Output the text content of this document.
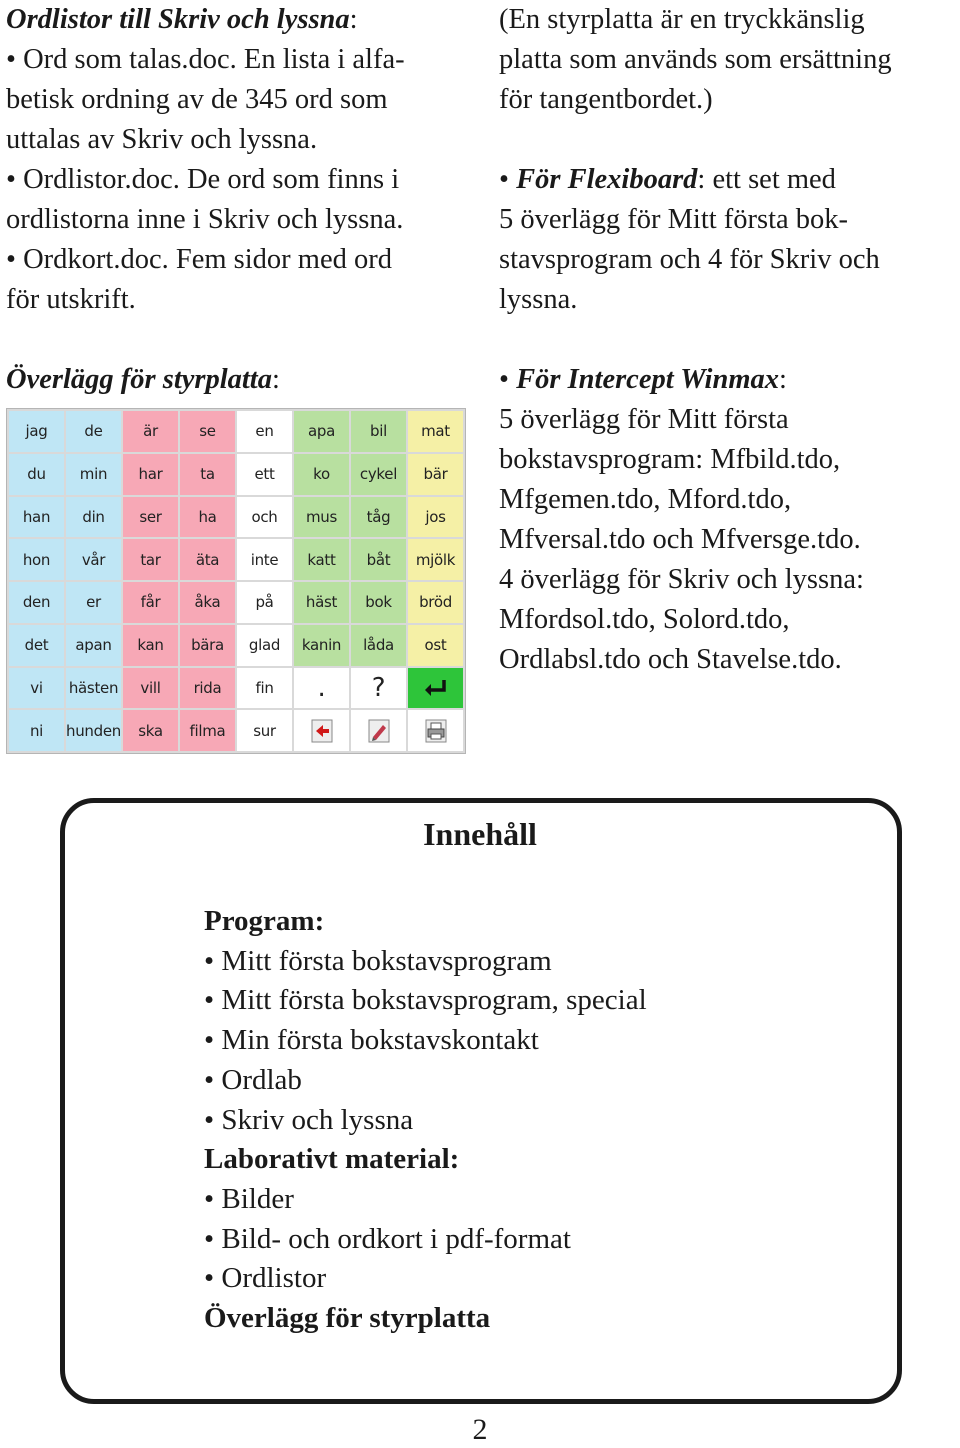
Ordlistor till Skriv och lyssna:
• Ord som talas.doc. En lista i alfa-
betisk ordning av de 345 ord som
uttalas av Skriv och lyssna.
• Ordlistor.doc. De ord som finns i
ordlistorna inne i Skriv och lyssna.
• Ordkort.doc. Fem sidor med ord
för utskrift.

Överlägg för styrplatta:

jag	de	är	se	en	apa	bil	mat
du	min	har	ta	ett	ko	cykel	bär
han	din	ser	ha	och	mus	tåg	jos
hon	vår	tar	äta	inte	katt	båt	mjölk
den	er	får	åka	på	häst	bok	bröd
det	apan	kan	bära	glad	kanin	låda	ost
vi	hästen	vill	rida	fin	.	?
ni	hunden	ska	filma	sur

(En styrplatta är en tryckkänslig
platta som används som ersättning
för tangentbordet.)

• För Flexiboard: ett set med
5 överlägg för Mitt första bok-
stavsprogram och 4 för Skriv och
lyssna.

• För Intercept Winmax:
5 överlägg för Mitt första
bokstavsprogram: Mfbild.tdo,
Mfgemen.tdo, Mford.tdo,
Mfversal.tdo och Mfversge.tdo.
4 överlägg för Skriv och lyssna:
Mfordsol.tdo, Solord.tdo,
Ordlabsl.tdo och Stavelse.tdo.

Innehåll
Program:
• Mitt första bokstavsprogram
• Mitt första bokstavsprogram, special
• Min första bokstavskontakt
• Ordlab
• Skriv och lyssna
Laborativt material:
• Bilder
• Bild- och ordkort i pdf-format
• Ordlistor
Överlägg för styrplatta
2
